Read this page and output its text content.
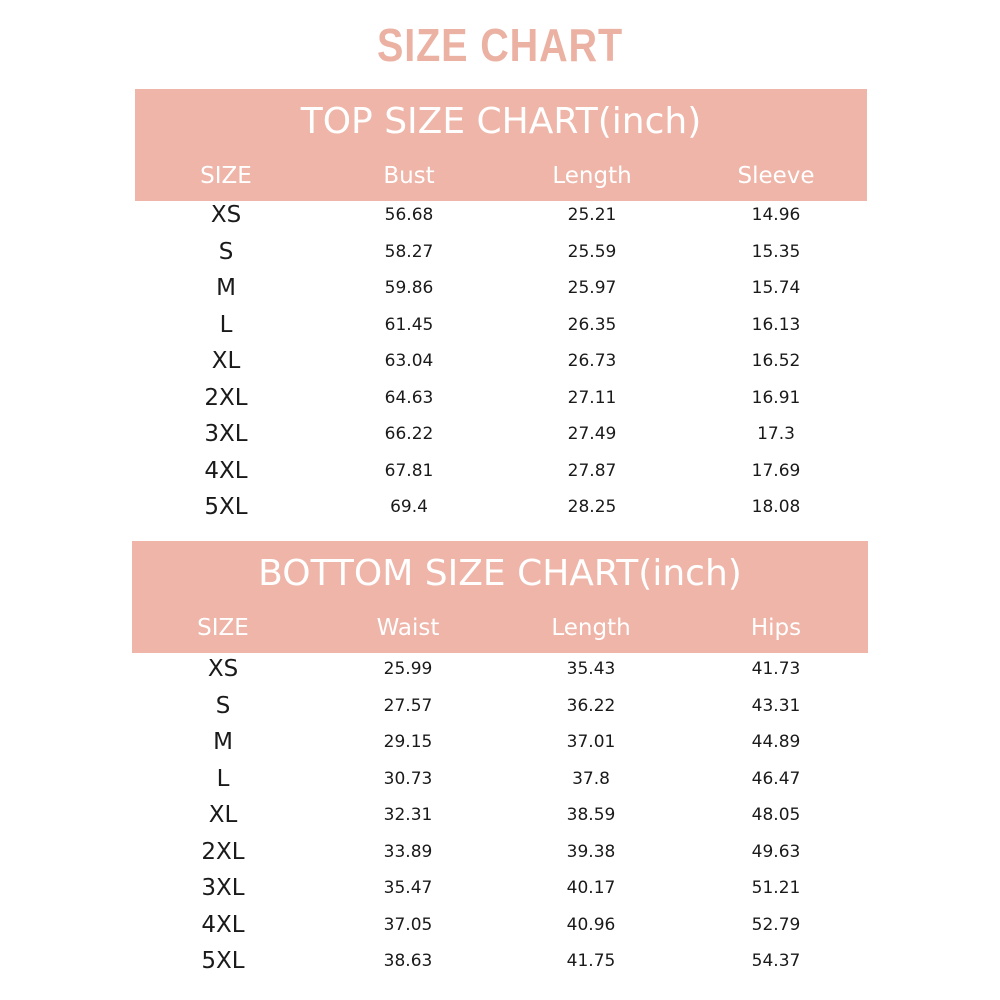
SIZE CHART
TOP SIZE CHART(inch)
SIZE	Bust	Length	Sleeve
XS	56.68	25.21	14.96
S	58.27	25.59	15.35
M	59.86	25.97	15.74
L	61.45	26.35	16.13
XL	63.04	26.73	16.52
2XL	64.63	27.11	16.91
3XL	66.22	27.49	17.3
4XL	67.81	27.87	17.69
5XL	69.4	28.25	18.08
BOTTOM SIZE CHART(inch)
SIZE	Waist	Length	Hips
XS	25.99	35.43	41.73
S	27.57	36.22	43.31
M	29.15	37.01	44.89
L	30.73	37.8	46.47
XL	32.31	38.59	48.05
2XL	33.89	39.38	49.63
3XL	35.47	40.17	51.21
4XL	37.05	40.96	52.79
5XL	38.63	41.75	54.37
